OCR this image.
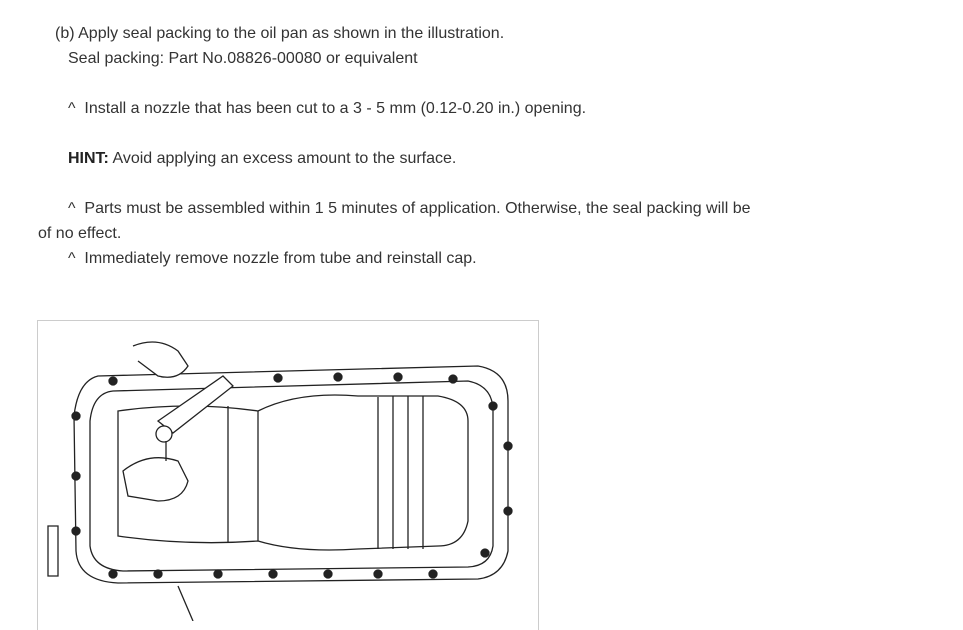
(b) Apply seal packing to the oil pan as shown in the illustration.
Seal packing: Part No.08826-00080 or equivalent
^ Install a nozzle that has been cut to a 3 - 5 mm (0.12-0.20 in.) opening.
HINT: Avoid applying an excess amount to the surface.
^ Parts must be assembled within 1 5 minutes of application. Otherwise, the seal packing will be
of no effect.
^ Immediately remove nozzle from tube and reinstall cap.
